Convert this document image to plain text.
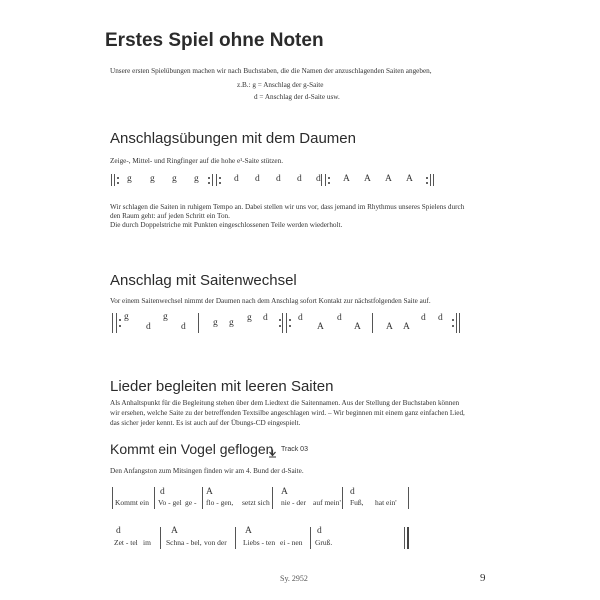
Erstes Spiel ohne Noten
Unsere ersten Spielübungen machen wir nach Buchstaben, die die Namen der anzuschlagenden Saiten angeben,
z.B.: g = Anschlag der g-Saite
d = Anschlag der d-Saite usw.
Anschlagsübungen mit dem Daumen
Zeige-, Mittel- und Ringfinger auf die hohe e¹-Saite stützen.
g g g g	d d d d d A A A A
Wir schlagen die Saiten in ruhigem Tempo an. Dabei stellen wir uns vor, dass jemand im Rhythmus unseres Spielens durch
den Raum geht: auf jeden Schritt ein Ton.
Die durch Doppelstriche mit Punkten eingeschlossenen Teile werden wiederholt.
Anschlag mit Saitenwechsel
Vor einem Saitenwechsel nimmt der Daumen nach dem Anschlag sofort Kontakt zur nächstfolgenden Saite auf.
g
d
g
d	g g g d	d
A
d
A	A A
d d
Lieder begleiten mit leeren Saiten
Als Anhaltspunkt für die Begleitung stehen über dem Liedtext die Saitennamen. Aus der Stellung der Buchstaben können
wir ersehen, welche Saite zu der betreffenden Textsilbe angeschlagen wird. – Wir beginnen mit einem ganz einfachen Lied,
das sicher jeder kennt. Es ist auch auf der Übungs-CD eingespielt.
Kommt ein Vogel geflogen Track 03
Den Anfangston zum Mitsingen finden wir am 4. Bund der d-Saite.
Kommt ein
d
Vo - gel ge -
A
flo - gen, setzt sich
A
nie - der auf mein'
d
Fuß, hat ein'
d
Zet - tel im
A
Schna - bel, von der
A
Liebs - ten ei - nen
d
Gruß.
Sy. 2952	9
